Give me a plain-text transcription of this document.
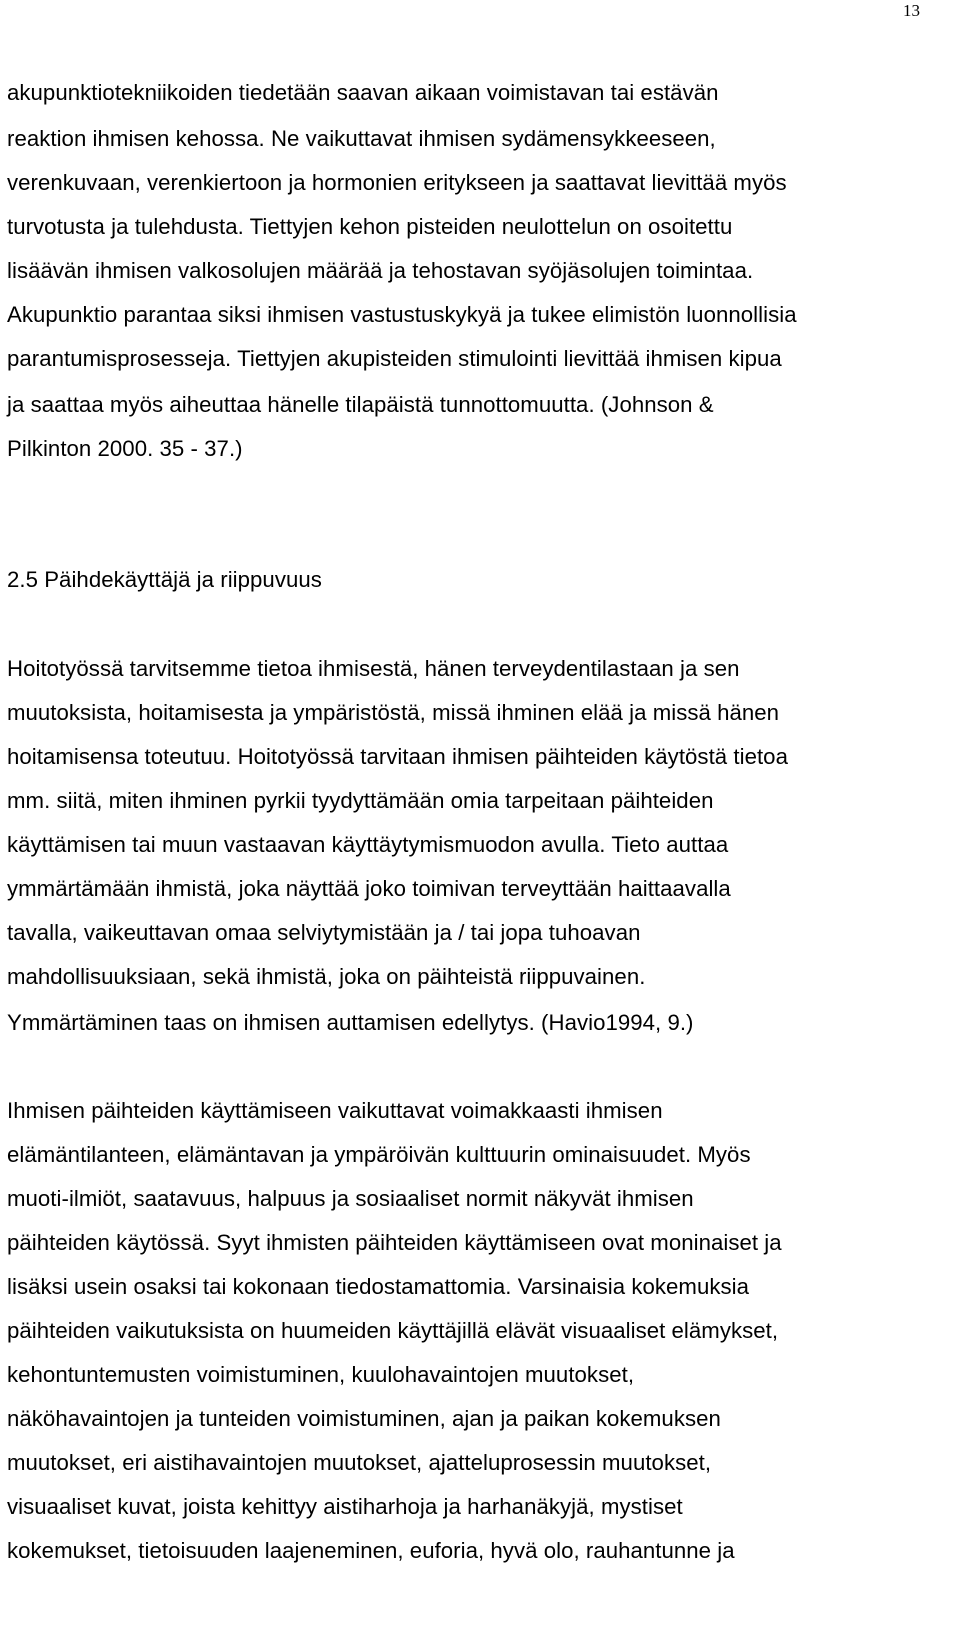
13
akupunktiotekniikoiden tiedetään saavan aikaan voimistavan tai estävän
reaktion ihmisen kehossa. Ne vaikuttavat ihmisen sydämensykkeeseen,
verenkuvaan, verenkiertoon ja hormonien eritykseen ja saattavat lievittää myös
turvotusta ja tulehdusta. Tiettyjen kehon pisteiden neulottelun on osoitettu
lisäävän ihmisen valkosolujen määrää ja tehostavan syöjäsolujen toimintaa.
Akupunktio parantaa siksi ihmisen vastustuskykyä ja tukee elimistön luonnollisia
parantumisprosesseja. Tiettyjen akupisteiden stimulointi lievittää ihmisen kipua
ja saattaa myös aiheuttaa hänelle tilapäistä tunnottomuutta. (Johnson &
Pilkinton 2000. 35 - 37.)
2.5 Päihdekäyttäjä ja riippuvuus
Hoitotyössä tarvitsemme tietoa ihmisestä, hänen terveydentilastaan ja sen
muutoksista, hoitamisesta ja ympäristöstä, missä ihminen elää ja missä hänen
hoitamisensa toteutuu. Hoitotyössä tarvitaan ihmisen päihteiden käytöstä tietoa
mm. siitä, miten ihminen pyrkii tyydyttämään omia tarpeitaan päihteiden
käyttämisen tai muun vastaavan käyttäytymismuodon avulla. Tieto auttaa
ymmärtämään ihmistä, joka näyttää joko toimivan terveyttään haittaavalla
tavalla, vaikeuttavan omaa selviytymistään ja / tai jopa tuhoavan
mahdollisuuksiaan, sekä ihmistä, joka on päihteistä riippuvainen.
Ymmärtäminen taas on ihmisen auttamisen edellytys. (Havio1994, 9.)
Ihmisen päihteiden käyttämiseen vaikuttavat voimakkaasti ihmisen
elämäntilanteen, elämäntavan ja ympäröivän kulttuurin ominaisuudet. Myös
muoti-ilmiöt, saatavuus, halpuus ja sosiaaliset normit näkyvät ihmisen
päihteiden käytössä. Syyt ihmisten päihteiden käyttämiseen ovat moninaiset ja
lisäksi usein osaksi tai kokonaan tiedostamattomia. Varsinaisia kokemuksia
päihteiden vaikutuksista on huumeiden käyttäjillä elävät visuaaliset elämykset,
kehontuntemusten voimistuminen, kuulohavaintojen muutokset,
näköhavaintojen ja tunteiden voimistuminen, ajan ja paikan kokemuksen
muutokset, eri aistihavaintojen muutokset, ajatteluprosessin muutokset,
visuaaliset kuvat, joista kehittyy aistiharhoja ja harhanäkyjä, mystiset
kokemukset, tietoisuuden laajeneminen, euforia, hyvä olo, rauhantunne ja
